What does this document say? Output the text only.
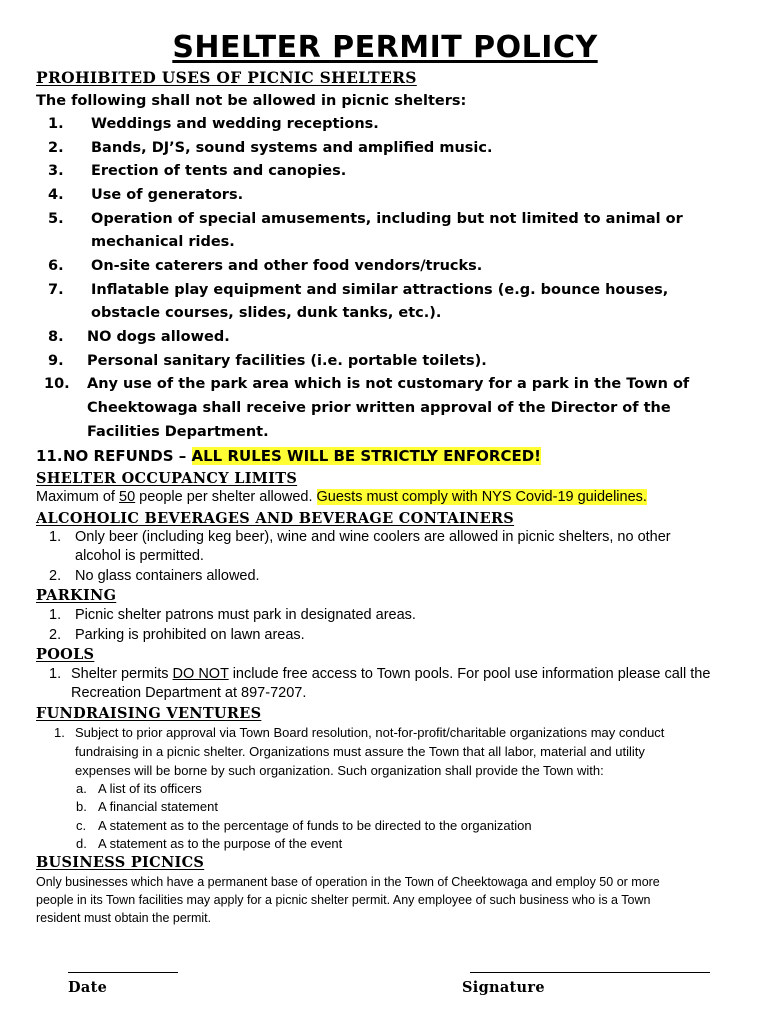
SHELTER PERMIT POLICY
PROHIBITED USES OF PICNIC SHELTERS
The following shall not be allowed in picnic shelters:
1. Weddings and wedding receptions.
2. Bands, DJ’S, sound systems and amplified music.
3. Erection of tents and canopies.
4. Use of generators.
5. Operation of special amusements, including but not limited to animal or
mechanical rides.
6. On-site caterers and other food vendors/trucks.
7. Inflatable play equipment and similar attractions (e.g. bounce houses,
obstacle courses, slides, dunk tanks, etc.).
8. NO dogs allowed.
9. Personal sanitary facilities (i.e. portable toilets).
10. Any use of the park area which is not customary for a park in the Town of
Cheektowaga shall receive prior written approval of the Director of the
Facilities Department.
11. NO REFUNDS – ALL RULES WILL BE STRICTLY ENFORCED!
SHELTER OCCUPANCY LIMITS
Maximum of 50 people per shelter allowed. Guests must comply with NYS Covid-19 guidelines.
ALCOHOLIC BEVERAGES AND BEVERAGE CONTAINERS
1. Only beer (including keg beer), wine and wine coolers are allowed in picnic shelters, no other
alcohol is permitted.
2. No glass containers allowed.
PARKING
1. Picnic shelter patrons must park in designated areas.
2. Parking is prohibited on lawn areas.
POOLS
1. Shelter permits DO NOT include free access to Town pools. For pool use information please call the
Recreation Department at 897-7207.
FUNDRAISING VENTURES
1. Subject to prior approval via Town Board resolution, not-for-profit/charitable organizations may conduct
fundraising in a picnic shelter. Organizations must assure the Town that all labor, material and utility
expenses will be borne by such organization. Such organization shall provide the Town with:
a. A list of its officers
b. A financial statement
c. A statement as to the percentage of funds to be directed to the organization
d. A statement as to the purpose of the event
BUSINESS PICNICS
Only businesses which have a permanent base of operation in the Town of Cheektowaga and employ 50 or more
people in its Town facilities may apply for a picnic shelter permit. Any employee of such business who is a Town
resident must obtain the permit.
Date	Signature
